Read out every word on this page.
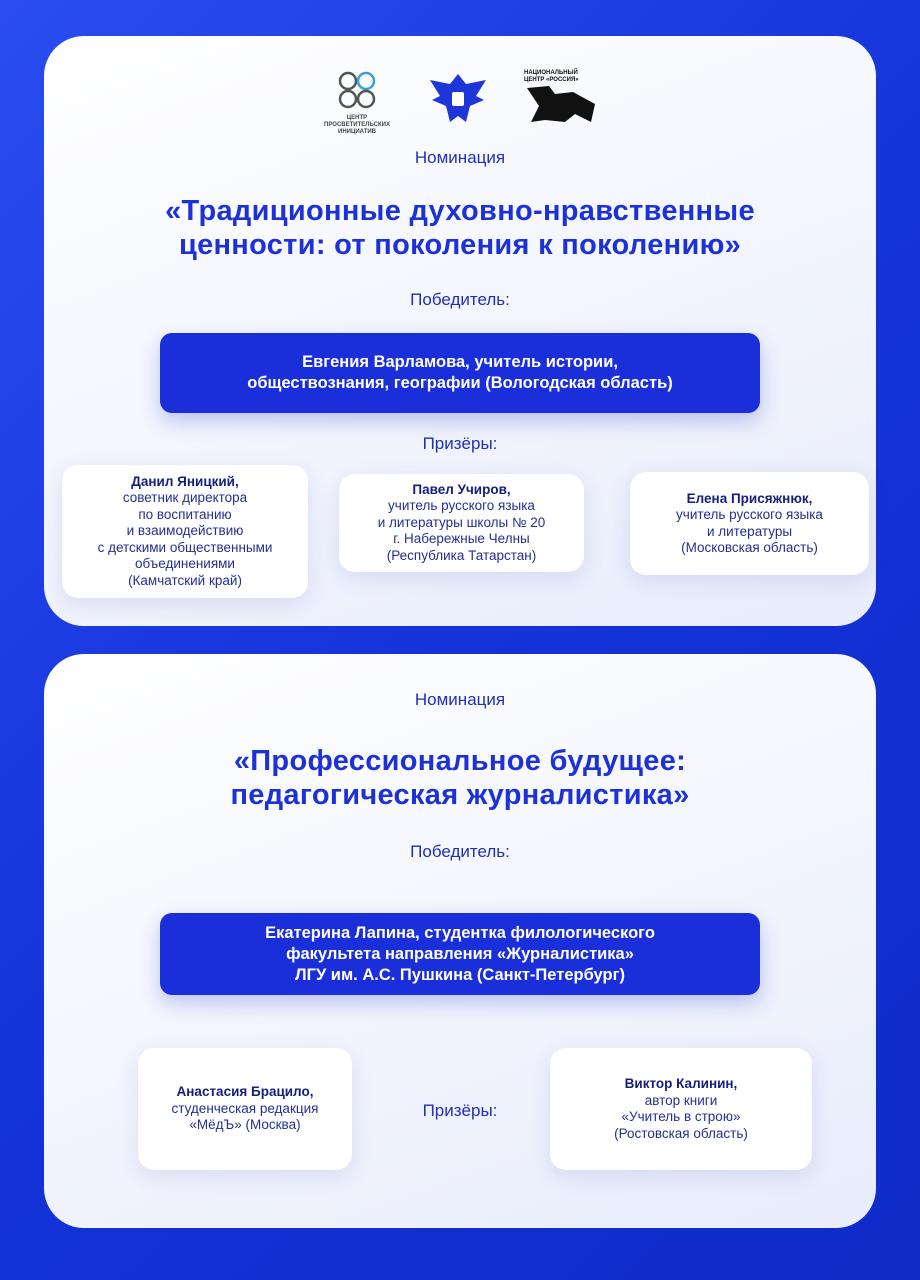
ЦЕНТР ПРОСВЕТИТЕЛЬСКИХ ИНИЦИАТИВ
НАЦИОНАЛЬНЫЙ ЦЕНТР «РОССИЯ»
Номинация
«Традиционные духовно-нравственные
ценности: от поколения к поколению»
Победитель:
Евгения Варламова, учитель истории,
обществознания, географии (Вологодская область)
Призёры:
Данил Яницкий,
советник директора
по воспитанию
и взаимодействию
с детскими общественными
объединениями
(Камчатский край)
Павел Учиров,
учитель русского языка
и литературы школы № 20
г. Набережные Челны
(Республика Татарстан)
Елена Присяжнюк,
учитель русского языка
и литературы
(Московская область)
Номинация
«Профессиональное будущее:
педагогическая журналистика»
Победитель:
Екатерина Лапина, студентка филологического
факультета направления «Журналистика»
ЛГУ им. А.С. Пушкина (Санкт-Петербург)
Анастасия Брацило,
студенческая редакция
«МёдЪ» (Москва)
Призёры:
Виктор Калинин,
автор книги
«Учитель в строю»
(Ростовская область)
